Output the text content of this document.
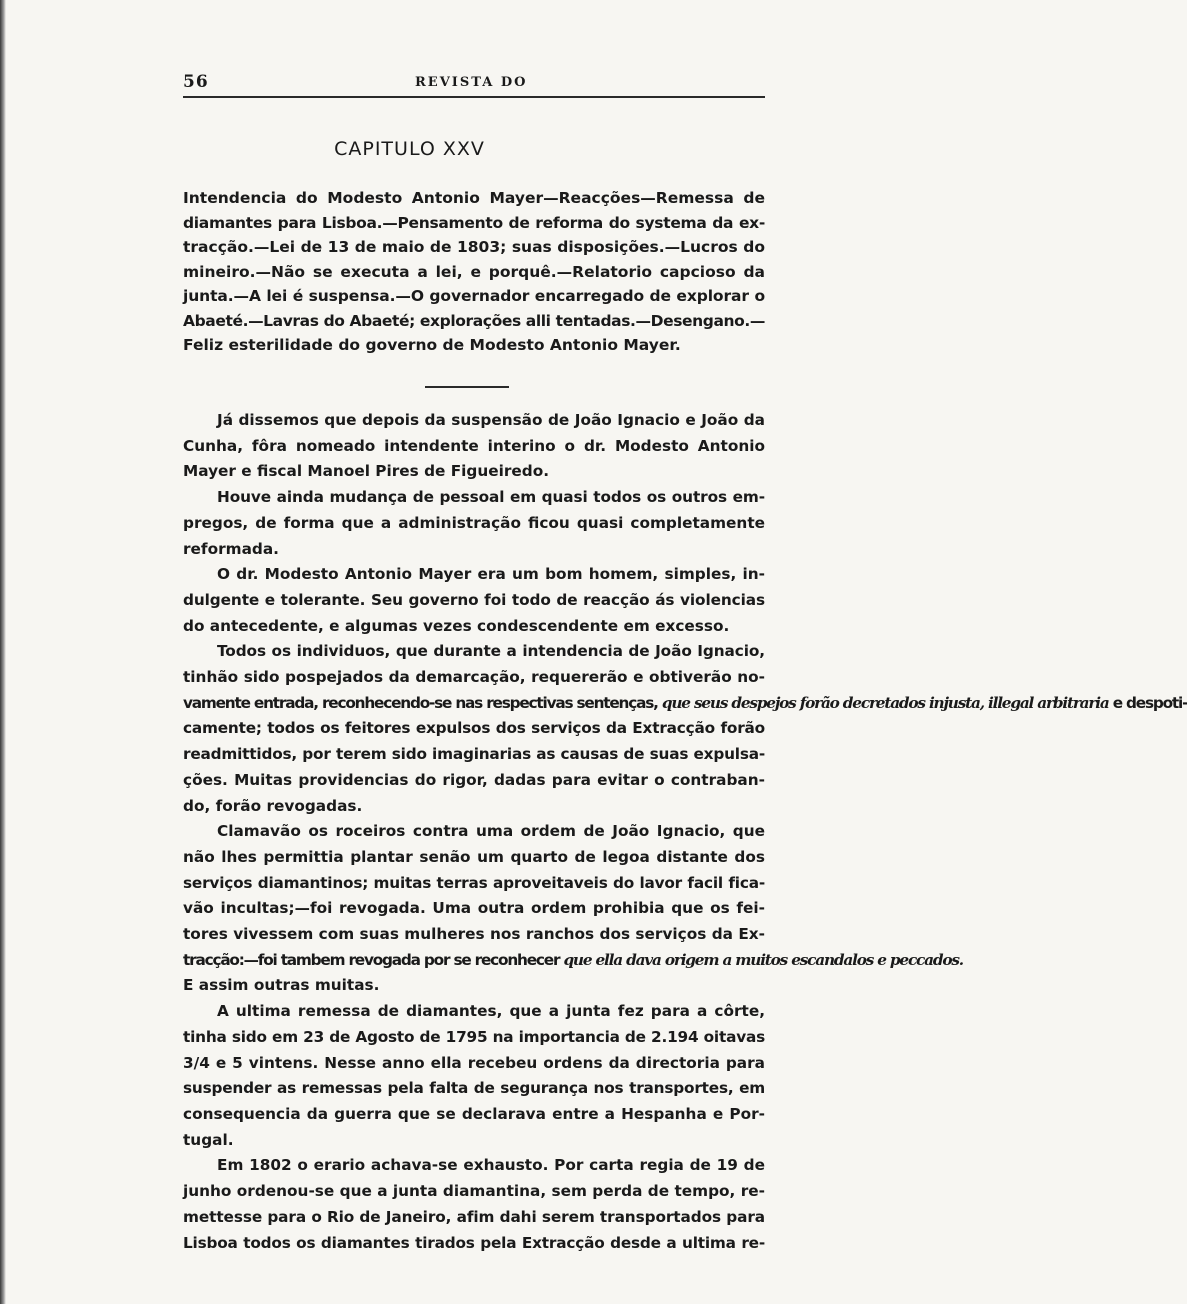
56	REVISTA DO
CAPITULO XXV
Intendencia do Modesto Antonio Mayer—Reacções—Remessa de
diamantes para Lisboa.—Pensamento de reforma do systema da ex-
tracção.—Lei de 13 de maio de 1803; suas disposições.—Lucros do
mineiro.—Não se executa a lei, e porquê.—Relatorio capcioso da
junta.—A lei é suspensa.—O governador encarregado de explorar o
Abaeté.—Lavras do Abaeté; explorações alli tentadas.—Desengano.—
Feliz esterilidade do governo de Modesto Antonio Mayer.

Já dissemos que depois da suspensão de João Ignacio e João da
Cunha, fôra nomeado intendente interino o dr. Modesto Antonio
Mayer e fiscal Manoel Pires de Figueiredo.

Houve ainda mudança de pessoal em quasi todos os outros em-
pregos, de forma que a administração ficou quasi completamente
reformada.

O dr. Modesto Antonio Mayer era um bom homem, simples, in-
dulgente e tolerante. Seu governo foi todo de reacção ás violencias
do antecedente, e algumas vezes condescendente em excesso.

Todos os individuos, que durante a intendencia de João Ignacio,
tinhão sido pospejados da demarcação, requererão e obtiverão no-
vamente entrada, reconhecendo-se nas respectivas sentenças, que seus despejos forão decretados injusta, illegal arbitraria e despoti-
camente; todos os feitores expulsos dos serviços da Extracção forão
readmittidos, por terem sido imaginarias as causas de suas expulsa-
ções. Muitas providencias do rigor, dadas para evitar o contraban-
do, forão revogadas.

Clamavão os roceiros contra uma ordem de João Ignacio, que
não lhes permittia plantar senão um quarto de legoa distante dos
serviços diamantinos; muitas terras aproveitaveis do lavor facil fica-
vão incultas;—foi revogada. Uma outra ordem prohibia que os fei-
tores vivessem com suas mulheres nos ranchos dos serviços da Ex-
tracção:—foi tambem revogada por se reconhecer que ella dava origem a muitos escandalos e peccados.
E assim outras muitas.

A ultima remessa de diamantes, que a junta fez para a côrte,
tinha sido em 23 de Agosto de 1795 na importancia de 2.194 oitavas
3/4 e 5 vintens. Nesse anno ella recebeu ordens da directoria para
suspender as remessas pela falta de segurança nos transportes, em
consequencia da guerra que se declarava entre a Hespanha e Por-
tugal.

Em 1802 o erario achava-se exhausto. Por carta regia de 19 de
junho ordenou-se que a junta diamantina, sem perda de tempo, re-
mettesse para o Rio de Janeiro, afim dahi serem transportados para
Lisboa todos os diamantes tirados pela Extracção desde a ultima re-
